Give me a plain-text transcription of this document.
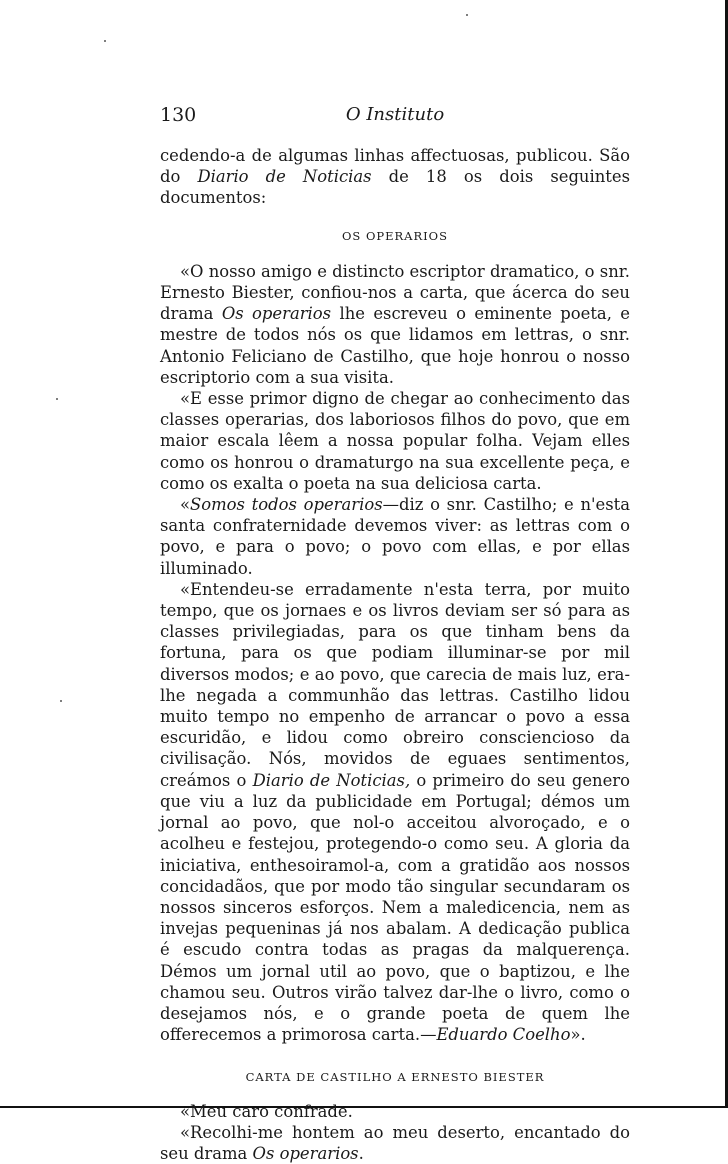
130	O Instituto

cedendo-a de algumas linhas affectuosas, publicou. São do Diario de Noticias de 18 os dois seguintes documentos:

OS OPERARIOS

«O nosso amigo e distincto escriptor dramatico, o snr. Ernesto Biester, confiou-nos a carta, que ácerca do seu drama Os operarios lhe escreveu o eminente poeta, e mestre de todos nós os que lidamos em lettras, o snr. Antonio Feliciano de Castilho, que hoje honrou o nosso escriptorio com a sua visita.

«E esse primor digno de chegar ao conhecimento das classes operarias, dos laboriosos filhos do povo, que em maior escala lêem a nossa popular folha. Vejam elles como os honrou o dramaturgo na sua excellente peça, e como os exalta o poeta na sua deliciosa carta.

«Somos todos operarios—diz o snr. Castilho; e n'esta santa confraternidade devemos viver: as lettras com o povo, e para o povo; o povo com ellas, e por ellas illuminado.

«Entendeu-se erradamente n'esta terra, por muito tempo, que os jornaes e os livros deviam ser só para as classes privilegiadas, para os que tinham bens da fortuna, para os que podiam illuminar-se por mil diversos modos; e ao povo, que carecia de mais luz, era-lhe negada a communhão das lettras. Castilho lidou muito tempo no empenho de arrancar o povo a essa escuridão, e lidou como obreiro consciencioso da civilisação. Nós, movidos de eguaes sentimentos, creámos o Diario de Noticias, o primeiro do seu genero que viu a luz da publicidade em Portugal; démos um jornal ao povo, que nol-o acceitou alvoroçado, e o acolheu e festejou, protegendo-o como seu. A gloria da iniciativa, enthesoiramol-a, com a gratidão aos nossos concidadãos, que por modo tão singular secundaram os nossos sinceros esforços. Nem a maledicencia, nem as invejas pequeninas já nos abalam. A dedicação publica é escudo contra todas as pragas da malquerença. Démos um jornal util ao povo, que o baptizou, e lhe chamou seu. Outros virão talvez dar-lhe o livro, como o desejamos nós, e o grande poeta de quem lhe offerecemos a primorosa carta.—Eduardo Coelho».

CARTA DE CASTILHO A ERNESTO BIESTER

«Meu caro confrade.

«Recolhi-me hontem ao meu deserto, encantado do seu drama Os operarios.
